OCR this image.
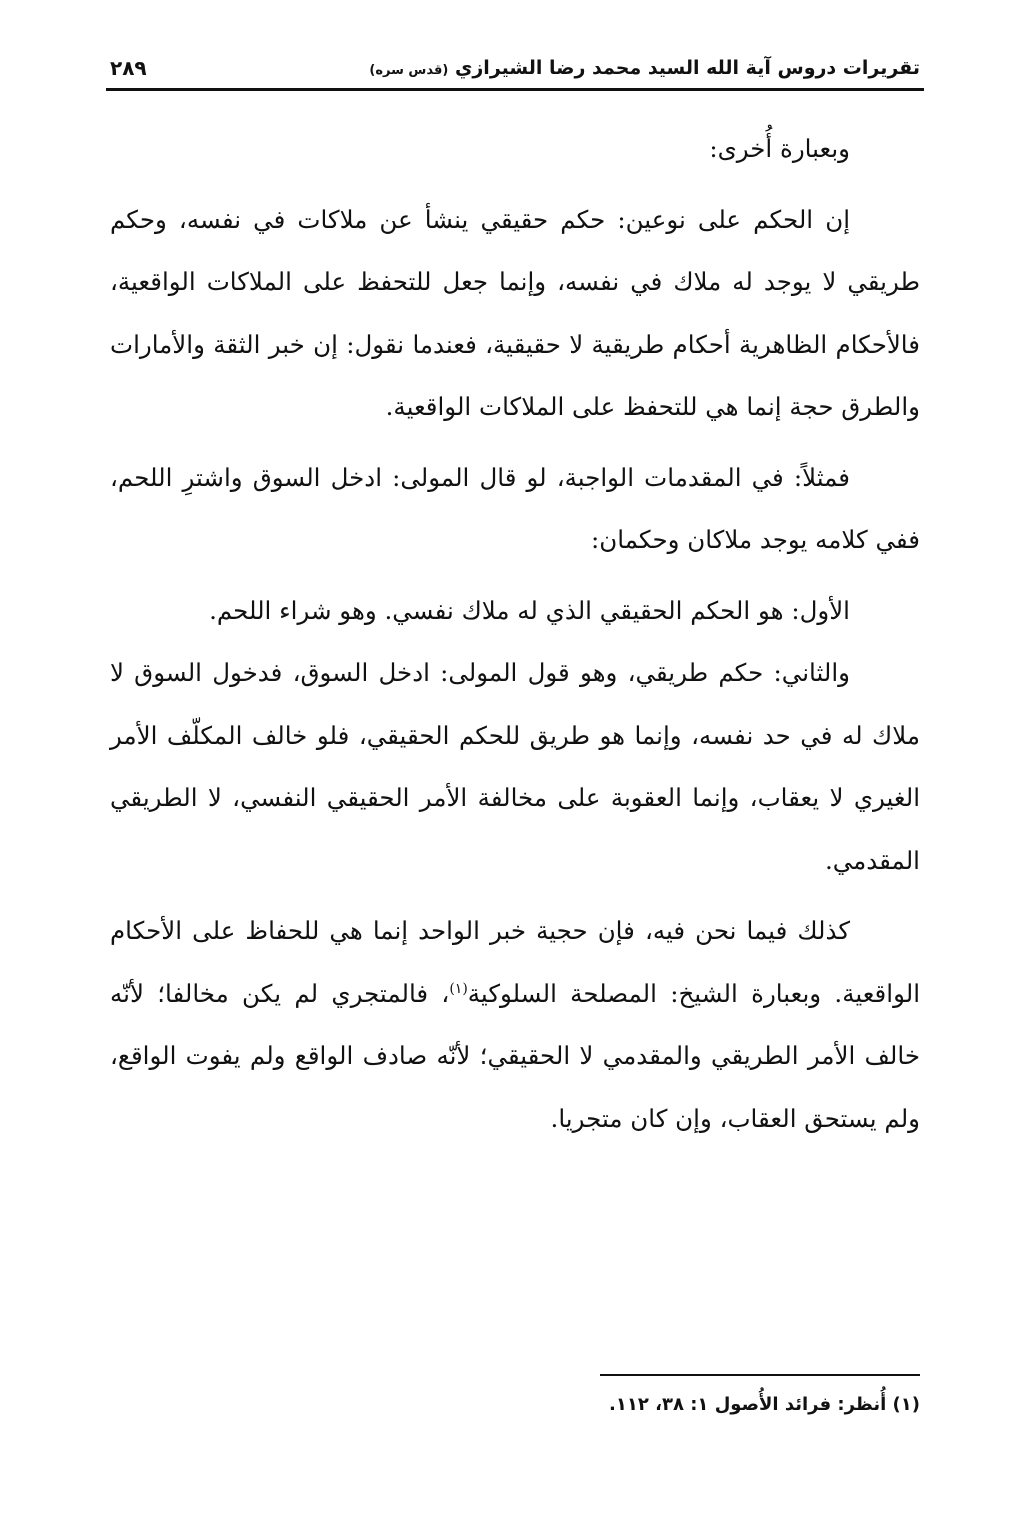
تقريرات دروس آية الله السيد محمد رضا الشيرازي (قدس سره)
٢٨٩

وبعبارة أُخرى:

إن الحكم على نوعين: حكم حقيقي ينشأ عن ملاكات في نفسه، وحكم طريقي لا يوجد له ملاك في نفسه، وإنما جعل للتحفظ على الملاكات الواقعية، فالأحكام الظاهرية أحكام طريقية لا حقيقية، فعندما نقول: إن خبر الثقة والأمارات والطرق حجة إنما هي للتحفظ على الملاكات الواقعية.

فمثلاً: في المقدمات الواجبة، لو قال المولى: ادخل السوق واشترِ اللحم، ففي كلامه يوجد ملاكان وحكمان:

الأول: هو الحكم الحقيقي الذي له ملاك نفسي. وهو شراء اللحم.

والثاني: حكم طريقي، وهو قول المولى: ادخل السوق، فدخول السوق لا ملاك له في حد نفسه، وإنما هو طريق للحكم الحقيقي، فلو خالف المكلّف الأمر الغيري لا يعقاب، وإنما العقوبة على مخالفة الأمر الحقيقي النفسي، لا الطريقي المقدمي.

كذلك فيما نحن فيه، فإن حجية خبر الواحد إنما هي للحفاظ على الأحكام الواقعية. وبعبارة الشيخ: المصلحة السلوكية$^{(١)}$، فالمتجري لم يكن مخالفا؛ لأنّه خالف الأمر الطريقي والمقدمي لا الحقيقي؛ لأنّه صادف الواقع ولم يفوت الواقع، ولم يستحق العقاب، وإن كان متجريا.

(١) أُنظر: فرائد الأُصول ١: ٣٨، ١١٢.
